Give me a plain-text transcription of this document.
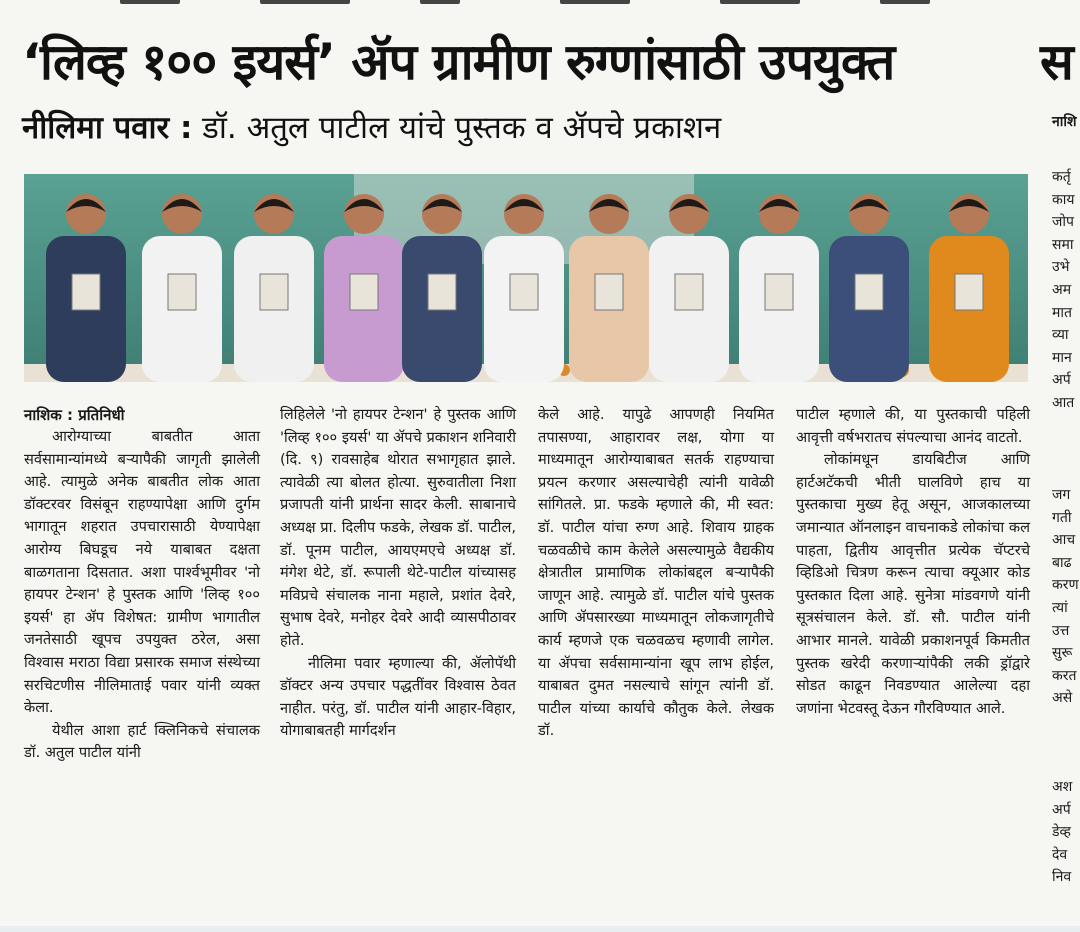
‘लिव्ह १०० इयर्स’ ॲप ग्रामीण रुग्णांसाठी उपयुक्त	स
नीलिमा पवार : डॉ. अतुल पाटील यांचे पुस्तक व ॲपचे प्रकाशन	नाशि
नाशिक : प्रतिनिधी

आरोग्याच्या बाबतीत आता सर्वसामान्यांमध्ये बऱ्यापैकी जागृती झालेली आहे. त्यामुळे अनेक बाबतीत लोक आता डॉक्टरवर विसंबून राहण्यापेक्षा आणि दुर्गम भागातून शहरात उपचारासाठी येण्यापेक्षा आरोग्य बिघडूच नये याबाबत दक्षता बाळगताना दिसतात. अशा पार्श्वभूमीवर 'नो हायपर टेन्शन' हे पुस्तक आणि 'लिव्ह १०० इयर्स' हा ॲप विशेषत: ग्रामीण भागातील जनतेसाठी खूपच उपयुक्त ठरेल, असा विश्वास मराठा विद्या प्रसारक समाज संस्थेच्या सरचिटणीस नीलिमाताई पवार यांनी व्यक्त केला.

येथील आशा हार्ट क्लिनिकचे संचालक डॉ. अतुल पाटील यांनी

लिहिलेले 'नो हायपर टेन्शन' हे पुस्तक आणि 'लिव्ह १०० इयर्स' या ॲपचे प्रकाशन शनिवारी (दि. ९) रावसाहेब थोरात सभागृहात झाले. त्यावेळी त्या बोलत होत्या. सुरुवातीला निशा प्रजापती यांनी प्रार्थना सादर केली. साबानाचे अध्यक्ष प्रा. दिलीप फडके, लेखक डॉ. पाटील, डॉ. पूनम पाटील, आयएमएचे अध्यक्ष डॉ. मंगेश थेटे, डॉ. रूपाली थेटे-पाटील यांच्यासह मविप्रचे संचालक नाना महाले, प्रशांत देवरे, सुभाष देवरे, मनोहर देवरे आदी व्यासपीठावर होते.

नीलिमा पवार म्हणाल्या की, ॲलोपॅथी डॉक्टर अन्य उपचार पद्धतींवर विश्वास ठेवत नाहीत. परंतु, डॉ. पाटील यांनी आहार-विहार, योगाबाबतही मार्गदर्शन

केले आहे. यापुढे आपणही नियमित तपासण्या, आहारावर लक्ष, योगा या माध्यमातून आरोग्याबाबत सतर्क राहण्याचा प्रयत्न करणार असल्याचेही त्यांनी यावेळी सांगितले. प्रा. फडके म्हणाले की, मी स्वत: डॉ. पाटील यांचा रुग्ण आहे. शिवाय ग्राहक चळवळीचे काम केलेले असल्यामुळे वैद्यकीय क्षेत्रातील प्रामाणिक लोकांबद्दल बऱ्यापैकी जाणून आहे. त्यामुळे डॉ. पाटील यांचे पुस्तक आणि ॲपसारख्या माध्यमातून लोकजागृतीचे कार्य म्हणजे एक चळवळच म्हणावी लागेल. या ॲपचा सर्वसामान्यांना खूप लाभ होईल, याबाबत दुमत नसल्याचे सांगून त्यांनी डॉ. पाटील यांच्या कार्याचे कौतुक केले. लेखक डॉ.

पाटील म्हणाले की, या पुस्तकाची पहिली आवृत्ती वर्षभरातच संपल्याचा आनंद वाटतो.

लोकांमधून डायबिटीज आणि हार्टअटॅकची भीती घालविणे हाच या पुस्तकाचा मुख्य हेतू असून, आजकालच्या जमान्यात ऑनलाइन वाचनाकडे लोकांचा कल पाहता, द्वितीय आवृत्तीत प्रत्येक चॅप्टरचे व्हिडिओ चित्रण करून त्याचा क्यूआर कोड पुस्तकात दिला आहे. सुनेत्रा मांडवगणे यांनी सूत्रसंचालन केले. डॉ. सौ. पाटील यांनी आभार मानले. यावेळी प्रकाशनपूर्व किमतीत पुस्तक खरेदी करणाऱ्यांपैकी लकी ड्रॉद्वारे सोडत काढून निवडण्यात आलेल्या दहा जणांना भेटवस्तू देऊन गौरविण्यात आले.

कर्तृ
काय
जोप
समा
उभे
अम
मात
व्या
मान
अर्प
आत
जग
गती
आच
बाढ
करण
त्यां
उत्त
सुरू
करत
असे
अश
अर्प
डेव्ह
देव
निव
